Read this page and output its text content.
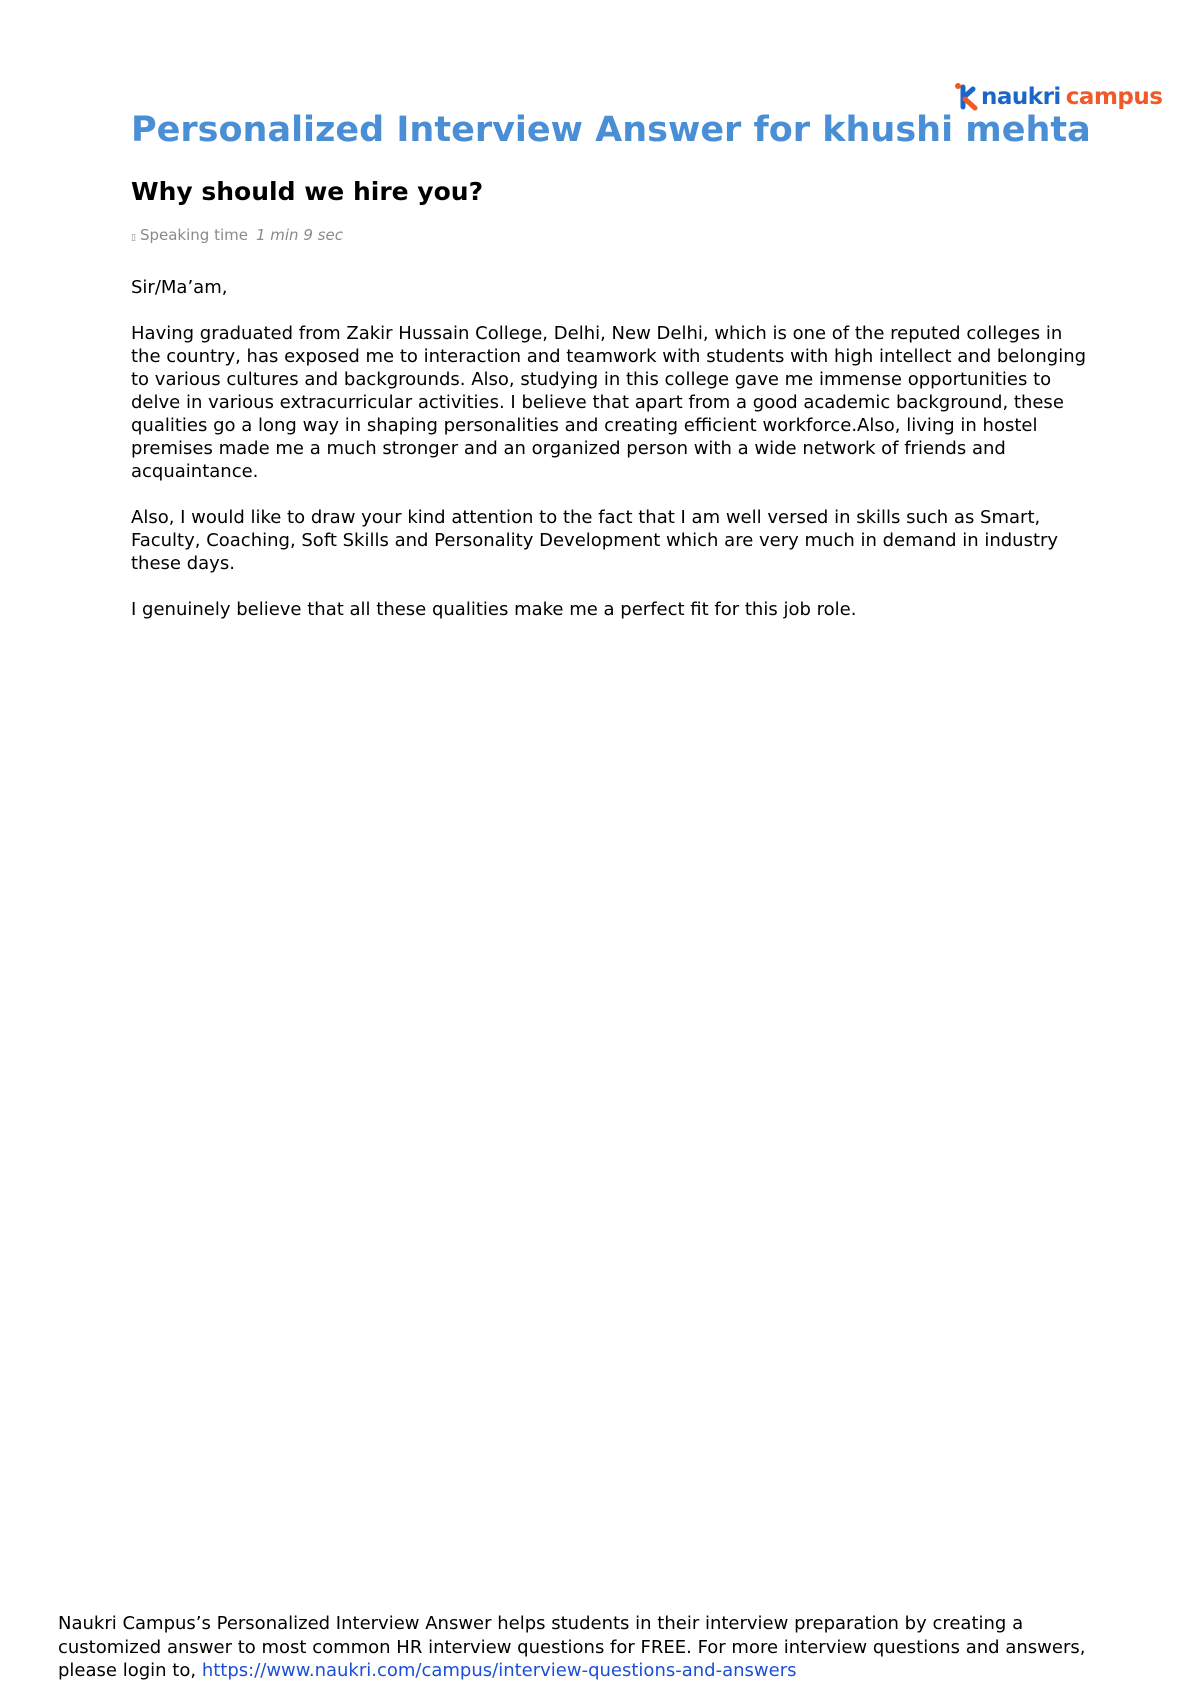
naukri campus
Personalized Interview Answer for khushi mehta
Why should we hire you?
▯ Speaking time 1 min 9 sec

Sir/Ma’am,

Having graduated from Zakir Hussain College, Delhi, New Delhi, which is one of the reputed colleges in the country, has exposed me to interaction and teamwork with students with high intellect and belonging to various cultures and backgrounds. Also, studying in this college gave me immense opportunities to delve in various extracurricular activities. I believe that apart from a good academic background, these qualities go a long way in shaping personalities and creating efficient workforce.Also, living in hostel premises made me a much stronger and an organized person with a wide network of friends and acquaintance.

Also, I would like to draw your kind attention to the fact that I am well versed in skills such as Smart, Faculty, Coaching, Soft Skills and Personality Development which are very much in demand in industry these days.

I genuinely believe that all these qualities make me a perfect fit for this job role.

Naukri Campus’s Personalized Interview Answer helps students in their interview preparation by creating a customized answer to most common HR interview questions for FREE. For more interview questions and answers, please login to, https://www.naukri.com/campus/interview-questions-and-answers
